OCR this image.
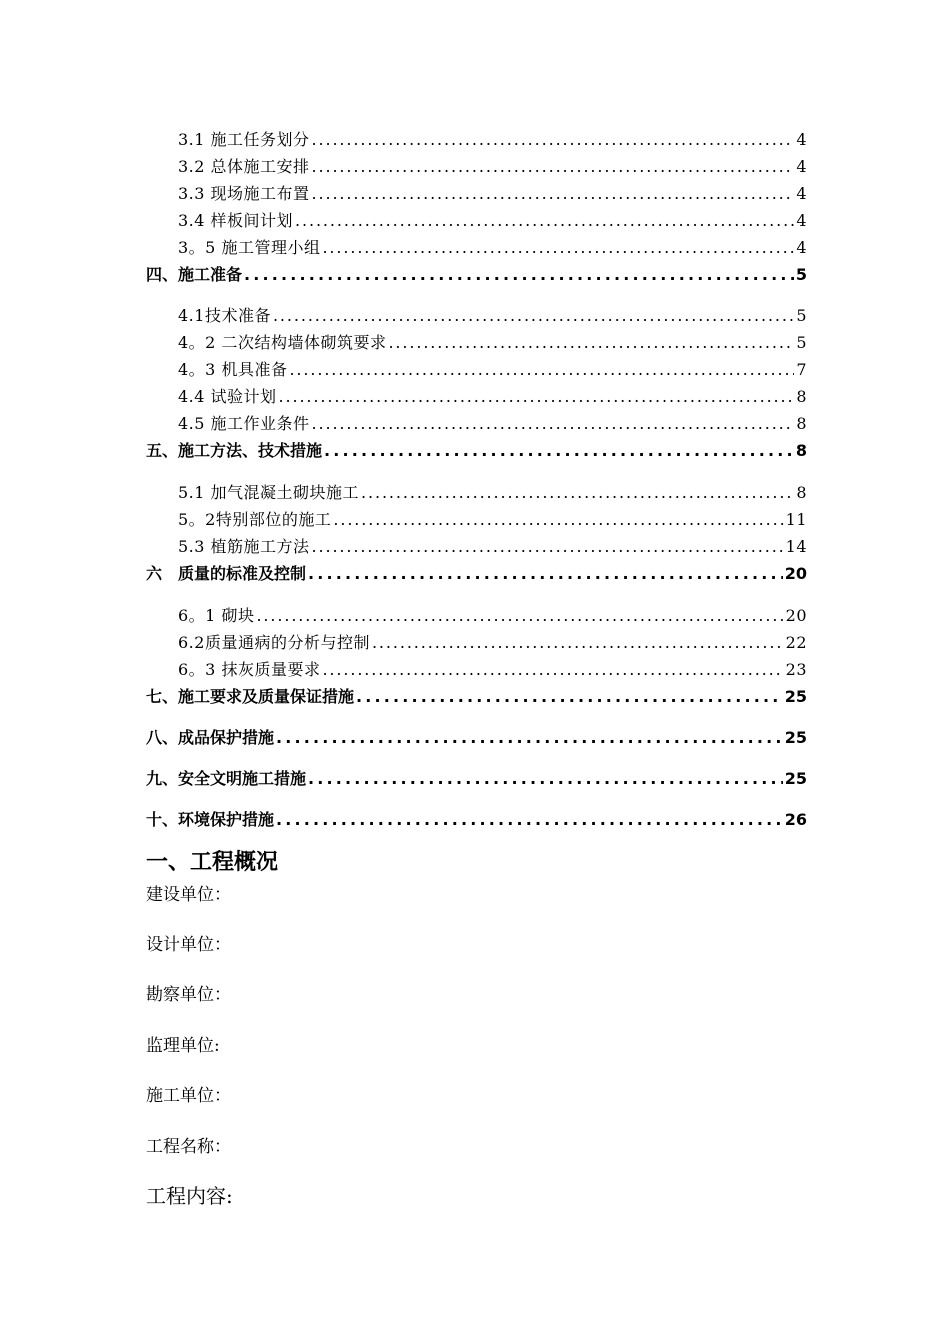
3.1 施工任务划分 . . .	4
3.2 总体施工安排 . . .	4
3.3 现场施工布置 . . .	4
3.4 样板间计划 . . .	4
3。5 施工管理小组 . . .	4
四、施工准备 . . .	5
4.1技术准备 . . .	5
4。2 二次结构墙体砌筑要求 . . .	5
4。3 机具准备 . . .	7
4.4 试验计划 . . .	8
4.5 施工作业条件 . . .	8
五、施工方法、技术措施 . . .	8
5.1 加气混凝土砌块施工 . . .	8
5。2特别部位的施工 . . .	11
5.3 植筋施工方法 . . .	14
六　质量的标准及控制 . . .	20
6。1 砌块 . . .	20
6.2质量通病的分析与控制 . . .	22
6。3 抹灰质量要求 . . .	23
七、施工要求及质量保证措施 . . .	25
八、成品保护措施 . . .	25
九、安全文明施工措施 . . .	25
十、环境保护措施 . . .	26
一、工程概况
建设单位：
设计单位：
勘察单位：
监理单位:
施工单位：
工程名称：
工程内容:
